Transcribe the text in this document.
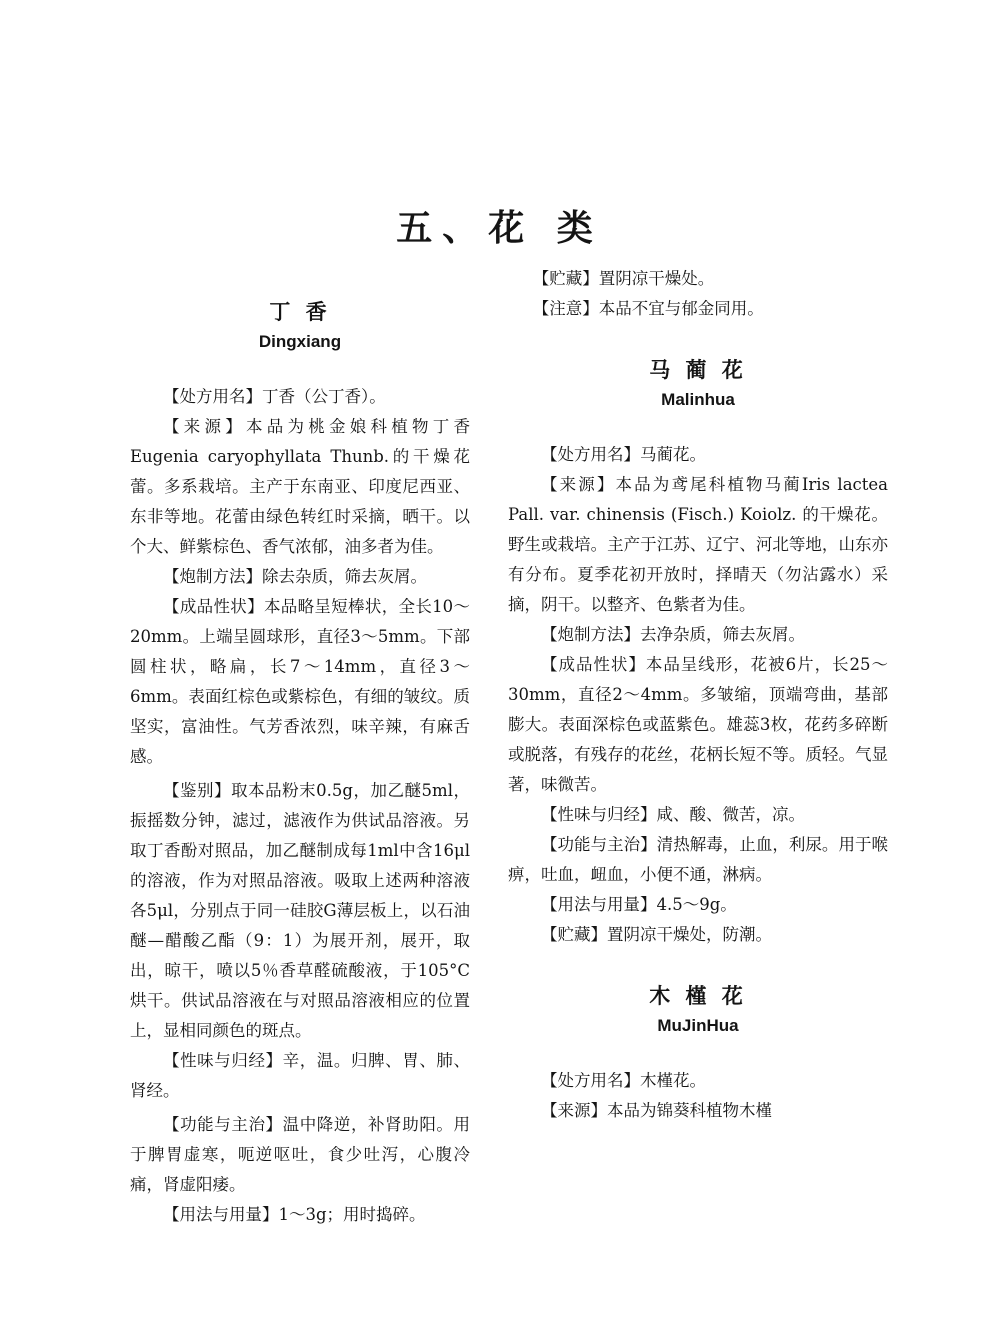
五、花 类
丁 香
Dingxiang

【处方用名】丁香（公丁香）。

【来源】本品为桃金娘科植物丁香Eugenia caryophyllata Thunb.的干燥花蕾。多系栽培。主产于东南亚、印度尼西亚、东非等地。花蕾由绿色转红时采摘，晒干。以个大、鲜紫棕色、香气浓郁，油多者为佳。

【炮制方法】除去杂质，筛去灰屑。

【成品性状】本品略呈短棒状，全长10～20mm。上端呈圆球形，直径3～5mm。下部圆柱状，略扁，长7～14mm，直径3～6mm。表面红棕色或紫棕色，有细的皱纹。质坚实，富油性。气芳香浓烈，味辛辣，有麻舌感。

【鉴别】取本品粉末0.5g，加乙醚5ml，振摇数分钟，滤过，滤液作为供试品溶液。另取丁香酚对照品，加乙醚制成每1ml中含16μl的溶液，作为对照品溶液。吸取上述两种溶液各5μl，分别点于同一硅胶G薄层板上，以石油醚—醋酸乙酯（9：1）为展开剂，展开，取出，晾干，喷以5％香草醛硫酸液，于105°C烘干。供试品溶液在与对照品溶液相应的位置上，显相同颜色的斑点。

【性味与归经】辛，温。归脾、胃、肺、肾经。

【功能与主治】温中降逆，补肾助阳。用于脾胃虚寒，呃逆呕吐，食少吐泻，心腹冷痛，肾虚阳痿。

【用法与用量】1～3g；用时捣碎。

【贮藏】置阴凉干燥处。

【注意】本品不宜与郁金同用。

马 蔺 花
Malinhua

【处方用名】马蔺花。

【来源】本品为鸢尾科植物马蔺Iris lactea Pall. var. chinensis (Fisch.) Koiolz. 的干燥花。野生或栽培。主产于江苏、辽宁、河北等地，山东亦有分布。夏季花初开放时，择晴天（勿沾露水）采摘，阴干。以整齐、色紫者为佳。

【炮制方法】去净杂质，筛去灰屑。

【成品性状】本品呈线形，花被6片，长25～30mm，直径2～4mm。多皱缩，顶端弯曲，基部膨大。表面深棕色或蓝紫色。雄蕊3枚，花药多碎断或脱落，有残存的花丝，花柄长短不等。质轻。气显著，味微苦。

【性味与归经】咸、酸、微苦，凉。

【功能与主治】清热解毒，止血，利尿。用于喉痹，吐血，衄血，小便不通，淋病。

【用法与用量】4.5～9g。

【贮藏】置阴凉干燥处，防潮。

木 槿 花
MuJinHua

【处方用名】木槿花。

【来源】本品为锦葵科植物木槿
